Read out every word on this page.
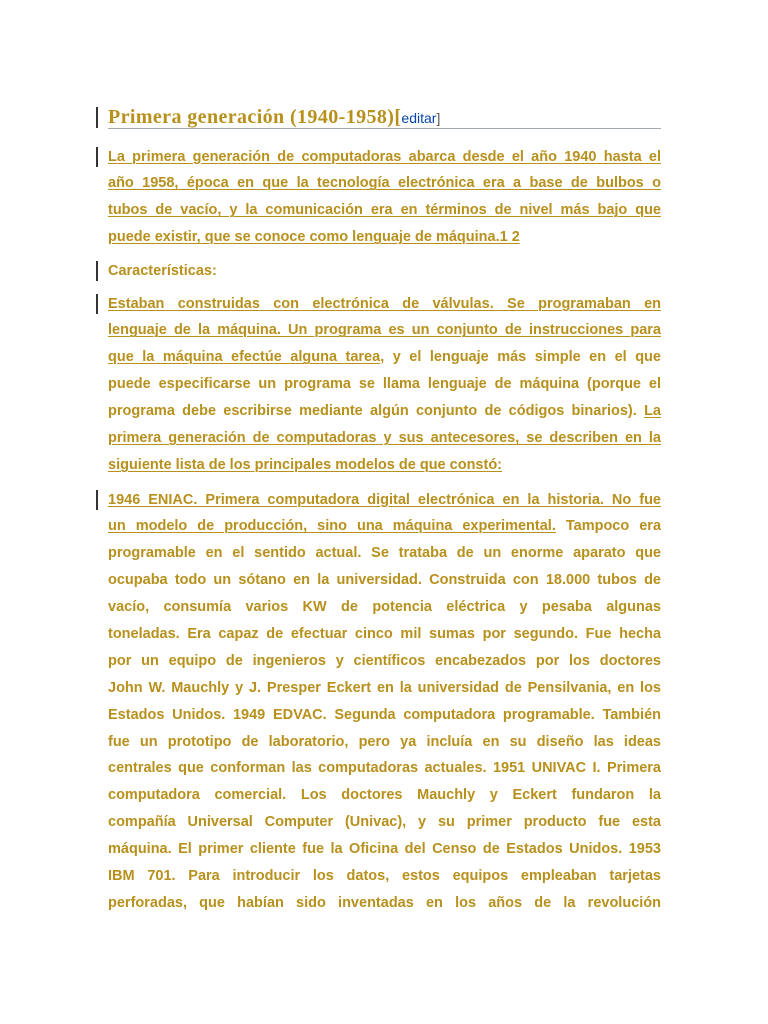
Primera generación (1940-1958)[editar]
La primera generación de computadoras abarca desde el año 1940 hasta el
año 1958, época en que la tecnología electrónica era a base de bulbos o
tubos de vacío, y la comunicación era en términos de nivel más bajo que
puede existir, que se conoce como lenguaje de máquina.1 2
Características:
Estaban construidas con electrónica de válvulas. Se programaban en
lenguaje de la máquina. Un programa es un conjunto de instrucciones para
que la máquina efectúe alguna tarea, y el lenguaje más simple en el que
puede especificarse un programa se llama lenguaje de máquina (porque el
programa debe escribirse mediante algún conjunto de códigos binarios). La
primera generación de computadoras y sus antecesores, se describen en la
siguiente lista de los principales modelos de que constó:
1946 ENIAC. Primera computadora digital electrónica en la historia. No fue
un modelo de producción, sino una máquina experimental. Tampoco era
programable en el sentido actual. Se trataba de un enorme aparato que
ocupaba todo un sótano en la universidad. Construida con 18.000 tubos de
vacío, consumía varios KW de potencia eléctrica y pesaba algunas
toneladas. Era capaz de efectuar cinco mil sumas por segundo. Fue hecha
por un equipo de ingenieros y científicos encabezados por los doctores
John W. Mauchly y J. Presper Eckert en la universidad de Pensilvania, en los
Estados Unidos. 1949 EDVAC. Segunda computadora programable. También
fue un prototipo de laboratorio, pero ya incluía en su diseño las ideas
centrales que conforman las computadoras actuales. 1951 UNIVAC I. Primera
computadora comercial. Los doctores Mauchly y Eckert fundaron la
compañía Universal Computer (Univac), y su primer producto fue esta
máquina. El primer cliente fue la Oficina del Censo de Estados Unidos. 1953
IBM 701. Para introducir los datos, estos equipos empleaban tarjetas
perforadas, que habían sido inventadas en los años de la revolución
